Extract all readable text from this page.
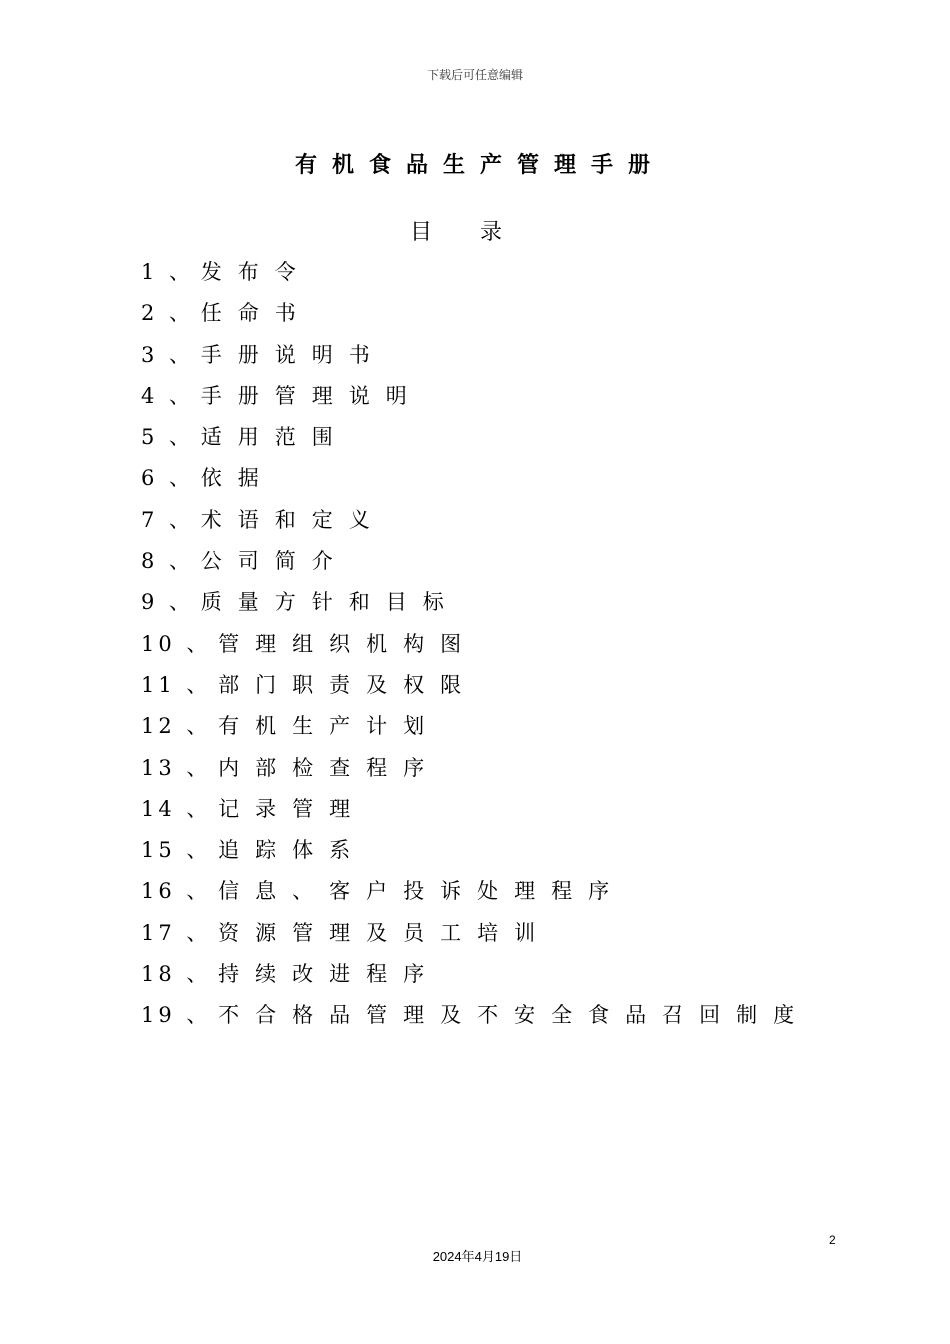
下载后可任意编辑
有机食品生产管理手册
目录
1 、 发布令
2 、 任命书
3 、 手册说明书
4 、 手册管理说明
5 、 适用范围
6 、 依据
7 、 术语和定义
8 、 公司简介
9 、 质量方针和目标
10 、 管理组织机构图
11 、 部门职责及权限
12 、 有机生产计划
13 、 内部检查程序
14 、 记录管理
15 、 追踪体系
16 、 信息、客户投诉处理程序
17 、 资源管理及员工培训
18 、 持续改进程序
19 、 不合格品管理及不安全食品召回制度
2
2024年4月19日
